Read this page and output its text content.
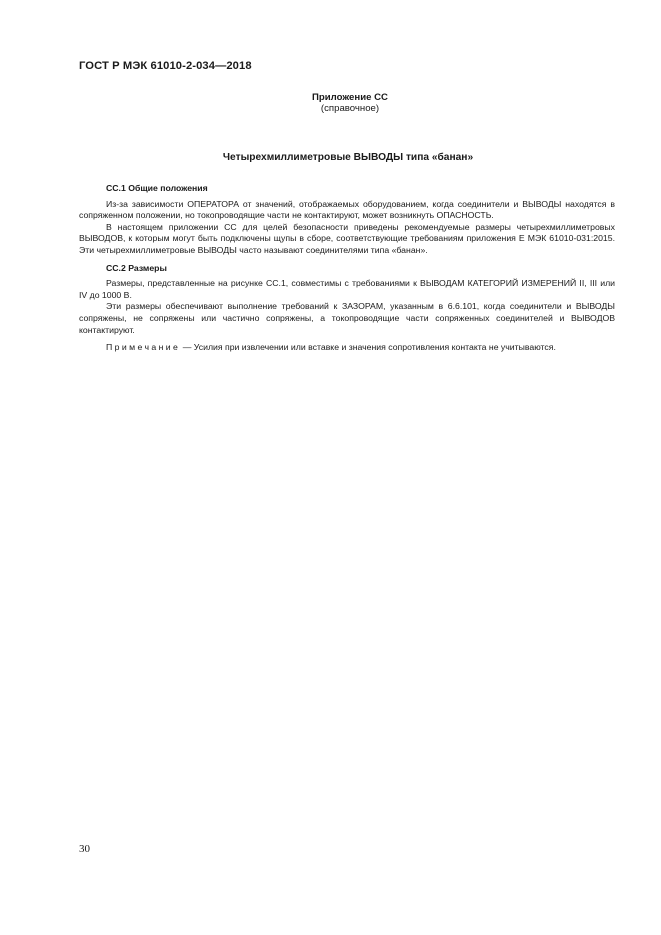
ГОСТ Р МЭК 61010-2-034—2018
Приложение СС
(справочное)
Четырехмиллиметровые ВЫВОДЫ типа «банан»
СС.1 Общие положения

Из-за зависимости ОПЕРАТОРА от значений, отображаемых оборудованием, когда соединители и ВЫВОДЫ находятся в сопряженном положении, но токопроводящие части не контактируют, может возникнуть ОПАСНОСТЬ.

В настоящем приложении СС для целей безопасности приведены рекомендуемые размеры четырехмиллиметровых ВЫВОДОВ, к которым могут быть подключены щупы в сборе, соответствующие требованиям приложения Е МЭК 61010-031:2015. Эти четырехмиллиметровые ВЫВОДЫ часто называют соединителями типа «банан».

СС.2 Размеры

Размеры, представленные на рисунке СС.1, совместимы с требованиями к ВЫВОДАМ КАТЕГОРИЙ ИЗМЕРЕНИЙ II, III или IV до 1000 В.

Эти размеры обеспечивают выполнение требований к ЗАЗОРАМ, указанным в 6.6.101, когда соединители и ВЫВОДЫ сопряжены, не сопряжены или частично сопряжены, а токопроводящие части сопряженных соединителей и ВЫВОДОВ контактируют.

Примечание — Усилия при извлечении или вставке и значения сопротивления контакта не учитываются.

30
